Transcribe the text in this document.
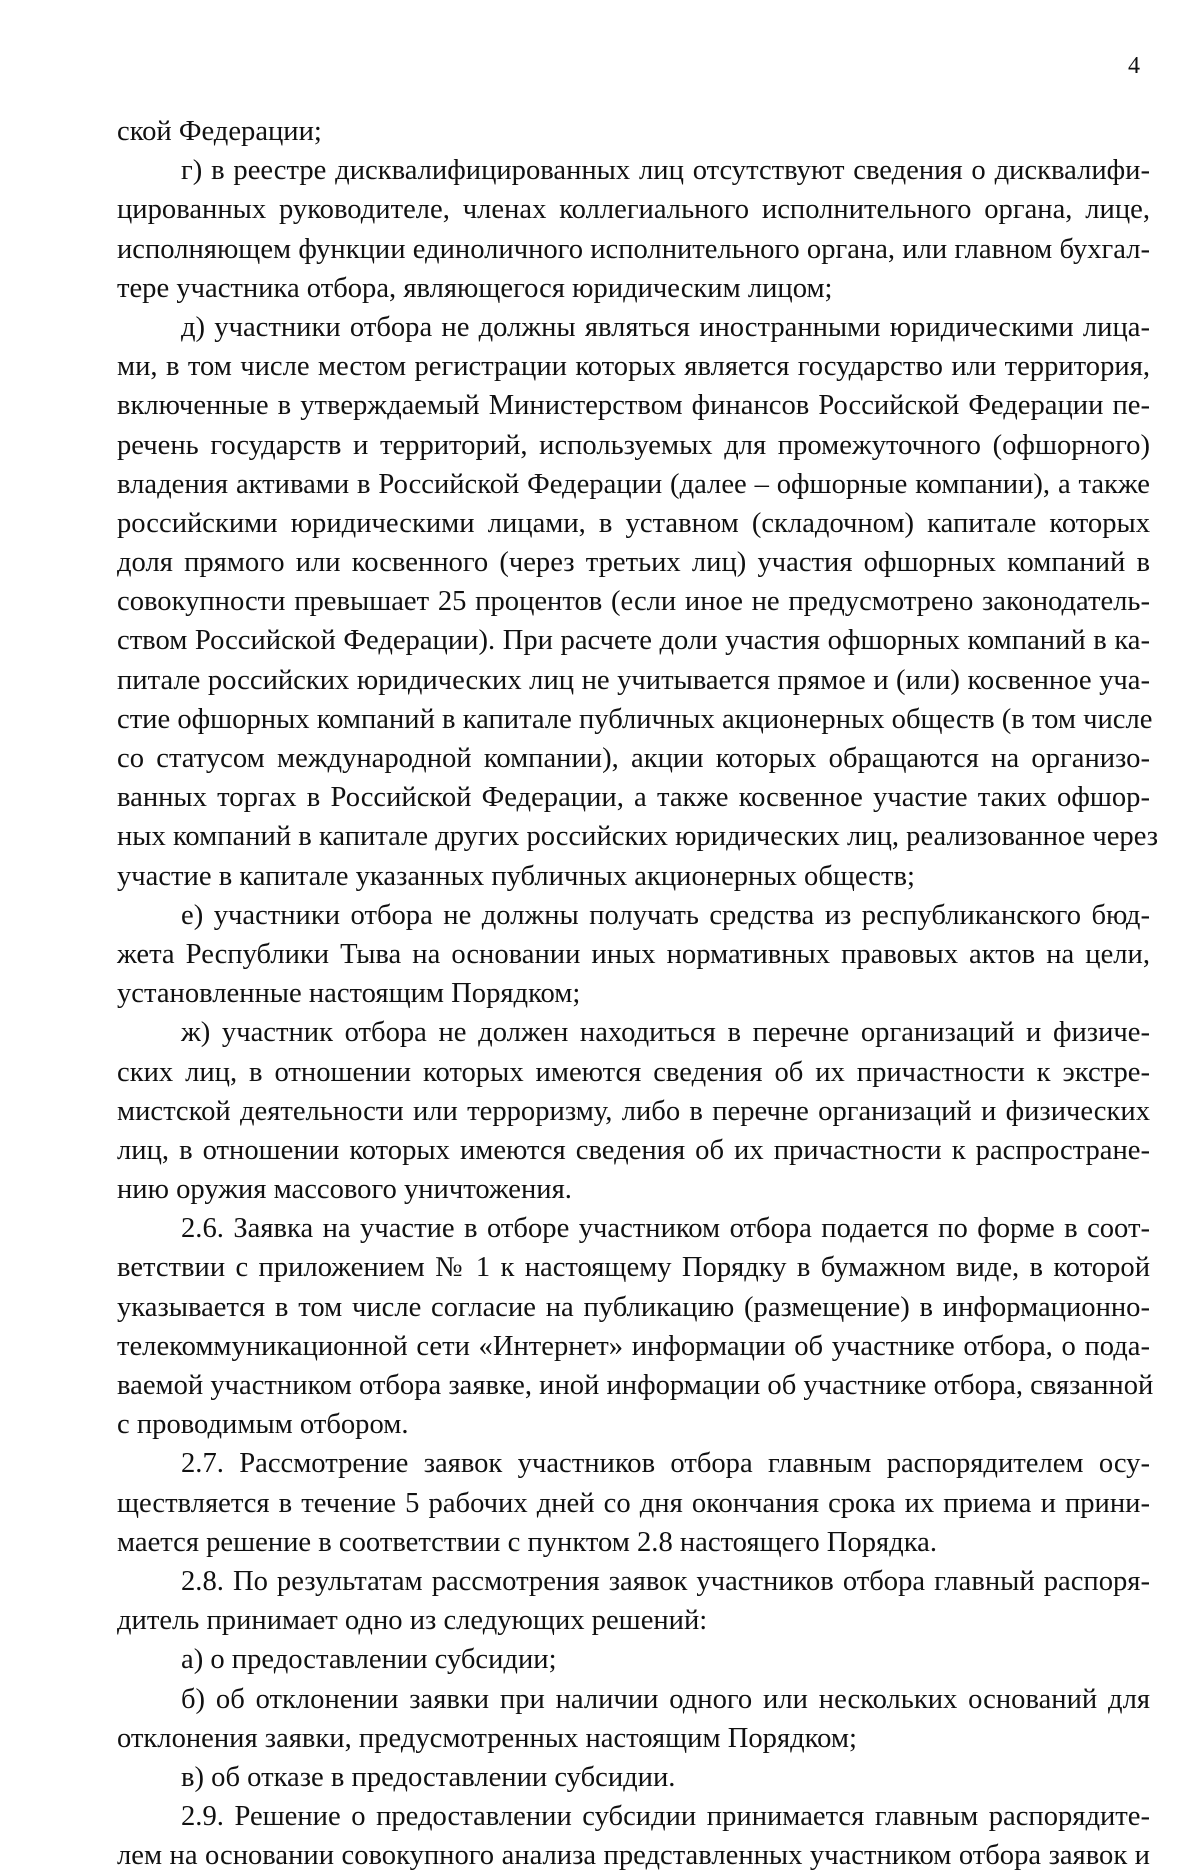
4
ской Федерации;
г) в реестре дисквалифицированных лиц отсутствуют сведения о дисквалифи-
цированных руководителе, членах коллегиального исполнительного органа, лице,
исполняющем функции единоличного исполнительного органа, или главном бухгал-
тере участника отбора, являющегося юридическим лицом;
д) участники отбора не должны являться иностранными юридическими лица-
ми, в том числе местом регистрации которых является государство или территория,
включенные в утверждаемый Министерством финансов Российской Федерации пе-
речень государств и территорий, используемых для промежуточного (офшорного)
владения активами в Российской Федерации (далее – офшорные компании), а также
российскими юридическими лицами, в уставном (складочном) капитале которых
доля прямого или косвенного (через третьих лиц) участия офшорных компаний в
совокупности превышает 25 процентов (если иное не предусмотрено законодатель-
ством Российской Федерации). При расчете доли участия офшорных компаний в ка-
питале российских юридических лиц не учитывается прямое и (или) косвенное уча-
стие офшорных компаний в капитале публичных акционерных обществ (в том числе
со статусом международной компании), акции которых обращаются на организо-
ванных торгах в Российской Федерации, а также косвенное участие таких офшор-
ных компаний в капитале других российских юридических лиц, реализованное через
участие в капитале указанных публичных акционерных обществ;
е) участники отбора не должны получать средства из республиканского бюд-
жета Республики Тыва на основании иных нормативных правовых актов на цели,
установленные настоящим Порядком;
ж) участник отбора не должен находиться в перечне организаций и физиче-
ских лиц, в отношении которых имеются сведения об их причастности к экстре-
мистской деятельности или терроризму, либо в перечне организаций и физических
лиц, в отношении которых имеются сведения об их причастности к распростране-
нию оружия массового уничтожения.
2.6. Заявка на участие в отборе участником отбора подается по форме в соот-
ветствии с приложением № 1 к настоящему Порядку в бумажном виде, в которой
указывается в том числе согласие на публикацию (размещение) в информационно-
телекоммуникационной сети «Интернет» информации об участнике отбора, о пода-
ваемой участником отбора заявке, иной информации об участнике отбора, связанной
с проводимым отбором.
2.7. Рассмотрение заявок участников отбора главным распорядителем осу-
ществляется в течение 5 рабочих дней со дня окончания срока их приема и прини-
мается решение в соответствии с пунктом 2.8 настоящего Порядка.
2.8. По результатам рассмотрения заявок участников отбора главный распоря-
дитель принимает одно из следующих решений:
а) о предоставлении субсидии;
б) об отклонении заявки при наличии одного или нескольких оснований для
отклонения заявки, предусмотренных настоящим Порядком;
в) об отказе в предоставлении субсидии.
2.9. Решение о предоставлении субсидии принимается главным распорядите-
лем на основании совокупного анализа представленных участником отбора заявок и
